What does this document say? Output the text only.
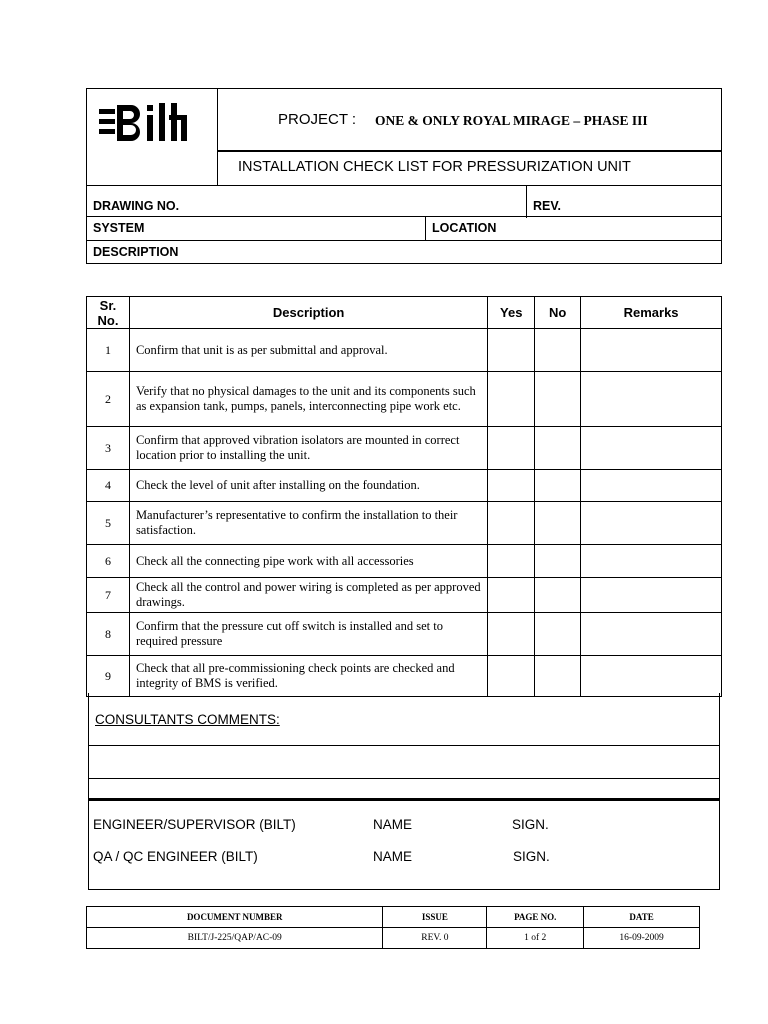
PROJECT : ONE & ONLY ROYAL MIRAGE – PHASE III
INSTALLATION CHECK LIST FOR PRESSURIZATION UNIT
DRAWING NO.	REV.
SYSTEM	LOCATION
DESCRIPTION
Sr.
No.	Description	Yes	No	Remarks
1	Confirm that unit is as per submittal and approval.			
2	Verify that no physical damages to the unit and its components such as expansion tank, pumps, panels, interconnecting pipe work etc.			
3	Confirm that approved vibration isolators are mounted in correct location prior to installing the unit.			
4	Check the level of unit after installing on the foundation.			
5	Manufacturer’s representative to confirm the installation to their satisfaction.			
6	Check all the connecting pipe work with all accessories			
7	Check all the control and power wiring is completed as per approved drawings.			
8	Confirm that the pressure cut off switch is installed and set to required pressure			
9	Check that all pre-commissioning check points are checked and integrity of BMS is verified.			
CONSULTANTS COMMENTS:
ENGINEER/SUPERVISOR (BILT)	NAME	SIGN.
QA / QC ENGINEER (BILT)	NAME	SIGN.
DOCUMENT NUMBER	ISSUE	PAGE NO.	DATE
BILT/J-225/QAP/AC-09	REV. 0	1 of 2	16-09-2009
